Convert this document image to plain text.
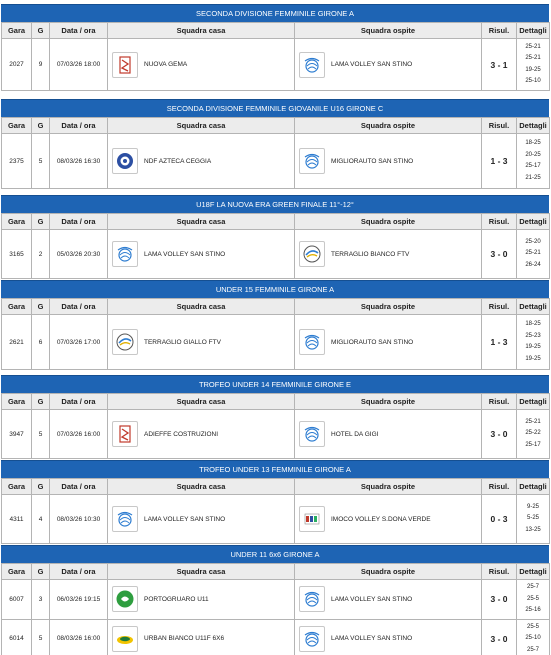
SECONDA DIVISIONE FEMMINILE GIRONE A
Gara	G	Data / ora	Squadra casa	Squadra ospite	Risul.	Dettagli
2027	9	07/03/26 18:00	NUOVA GEMA	LAMA VOLLEY SAN STINO	3 - 1	25-21
25-21
19-25
25-10
SECONDA DIVISIONE FEMMINILE GIOVANILE U16 GIRONE C
Gara	G	Data / ora	Squadra casa	Squadra ospite	Risul.	Dettagli
2375	5	08/03/26 16:30	NDF AZTECA CEGGIA	MIGLIORAUTO SAN STINO	1 - 3	18-25
20-25
25-17
21-25
U18F LA NUOVA ERA GREEN FINALE 11°-12°
Gara	G	Data / ora	Squadra casa	Squadra ospite	Risul.	Dettagli
3165	2	05/03/26 20:30	LAMA VOLLEY SAN STINO	TERRAGLIO BIANCO FTV	3 - 0	25-20
25-21
26-24
UNDER 15 FEMMINILE GIRONE A
Gara	G	Data / ora	Squadra casa	Squadra ospite	Risul.	Dettagli
2621	6	07/03/26 17:00	TERRAGLIO GIALLO FTV	MIGLIORAUTO SAN STINO	1 - 3	18-25
25-23
19-25
19-25
TROFEO UNDER 14 FEMMINILE GIRONE E
Gara	G	Data / ora	Squadra casa	Squadra ospite	Risul.	Dettagli
3947	5	07/03/26 16:00	ADIEFFE COSTRUZIONI	HOTEL DA GIGI	3 - 0	25-21
25-22
25-17
TROFEO UNDER 13 FEMMINILE GIRONE A
Gara	G	Data / ora	Squadra casa	Squadra ospite	Risul.	Dettagli
4311	4	08/03/26 10:30	LAMA VOLLEY SAN STINO	IMOCO VOLLEY S.DONA VERDE	0 - 3	9-25
5-25
13-25
UNDER 11 6x6 GIRONE A
Gara	G	Data / ora	Squadra casa	Squadra ospite	Risul.	Dettagli
6007	3	06/03/26 19:15	PORTOGRUARO U11	LAMA VOLLEY SAN STINO	3 - 0	25-7
25-5
25-16

6014	5	08/03/26 16:00	URBAN BIANCO U11F 6X6	LAMA VOLLEY SAN STINO	3 - 0	25-5
25-10
25-7
